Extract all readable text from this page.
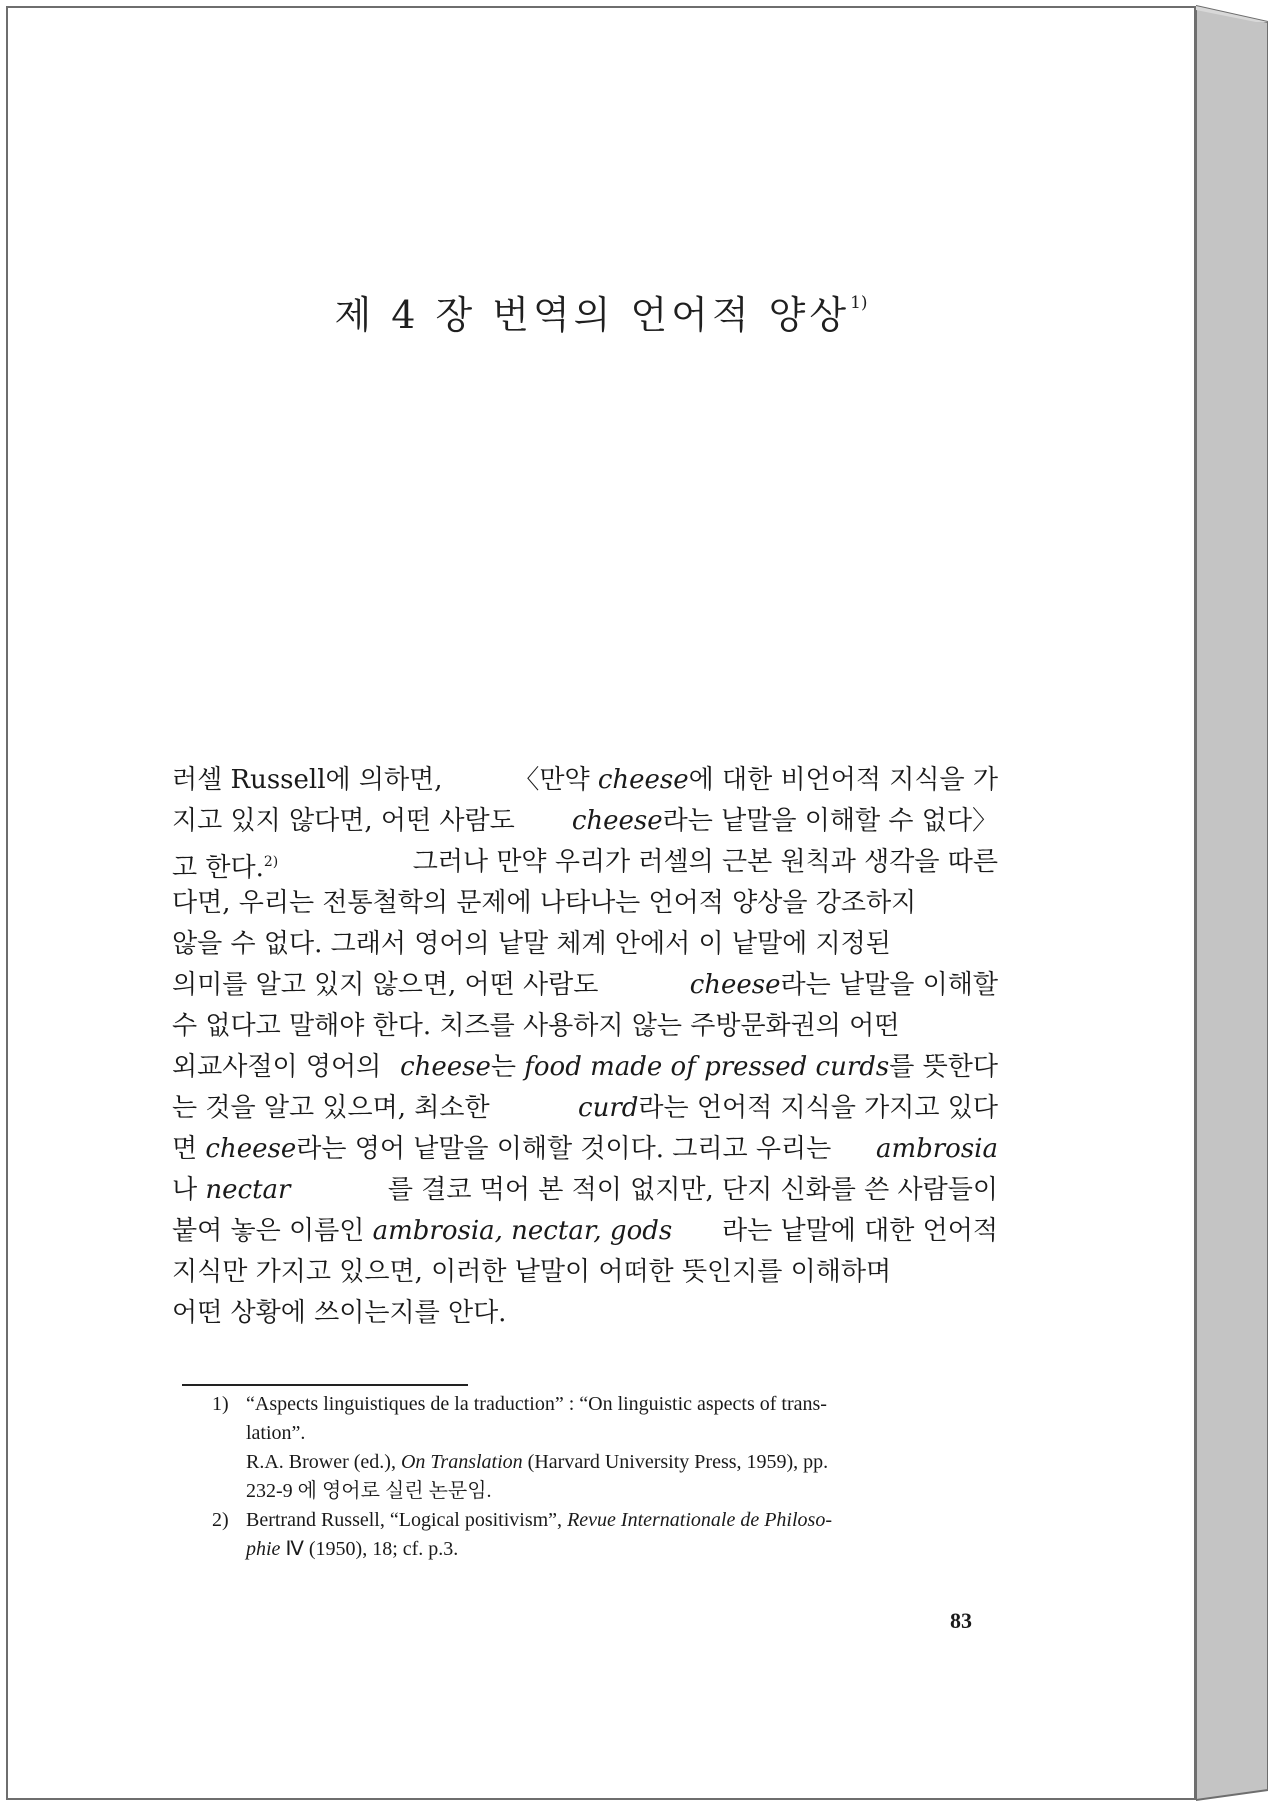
제 4 장 번역의 언어적 양상$^{1)}$
러셀 Russell에 의하면,	〈만약 cheese에 대한 비언어적 지식을 가
지고 있지 않다면, 어떤 사람도 cheese라는 낱말을 이해할 수 없다〉
고 한다.$^{2)}$	그러나 만약 우리가 러셀의 근본 원칙과 생각을 따른
다면, 우리는 전통철학의 문제에 나타나는 언어적 양상을 강조하지
않을 수 없다. 그래서 영어의 낱말 체계 안에서 이 낱말에 지정된
의미를 알고 있지 않으면, 어떤 사람도	cheese라는 낱말을 이해할
수 없다고 말해야 한다. 치즈를 사용하지 않는 주방문화권의 어떤
외교사절이 영어의 cheese는 food made of pressed curds를 뜻한다
는 것을 알고 있으며, 최소한	curd라는 언어적 지식을 가지고 있다
면 cheese라는 영어 낱말을 이해할 것이다. 그리고 우리는 ambrosia
나 nectar	를 결코 먹어 본 적이 없지만, 단지 신화를 쓴 사람들이
붙여 놓은 이름인 ambrosia, nectar, gods 라는 낱말에 대한 언어적
지식만 가지고 있으면, 이러한 낱말이 어떠한 뜻인지를 이해하며
어떤 상황에 쓰이는지를 안다.
1) “Aspects linguistiques de la traduction” : “On linguistic aspects of trans-
lation”.
R.A. Brower (ed.), On Translation (Harvard University Press, 1959), pp.
232-9 에 영어로 실린 논문임.
2) Bertrand Russell, “Logical positivism”, Revue Internationale de Philoso-
phie Ⅳ (1950), 18; cf. p.3.
83
